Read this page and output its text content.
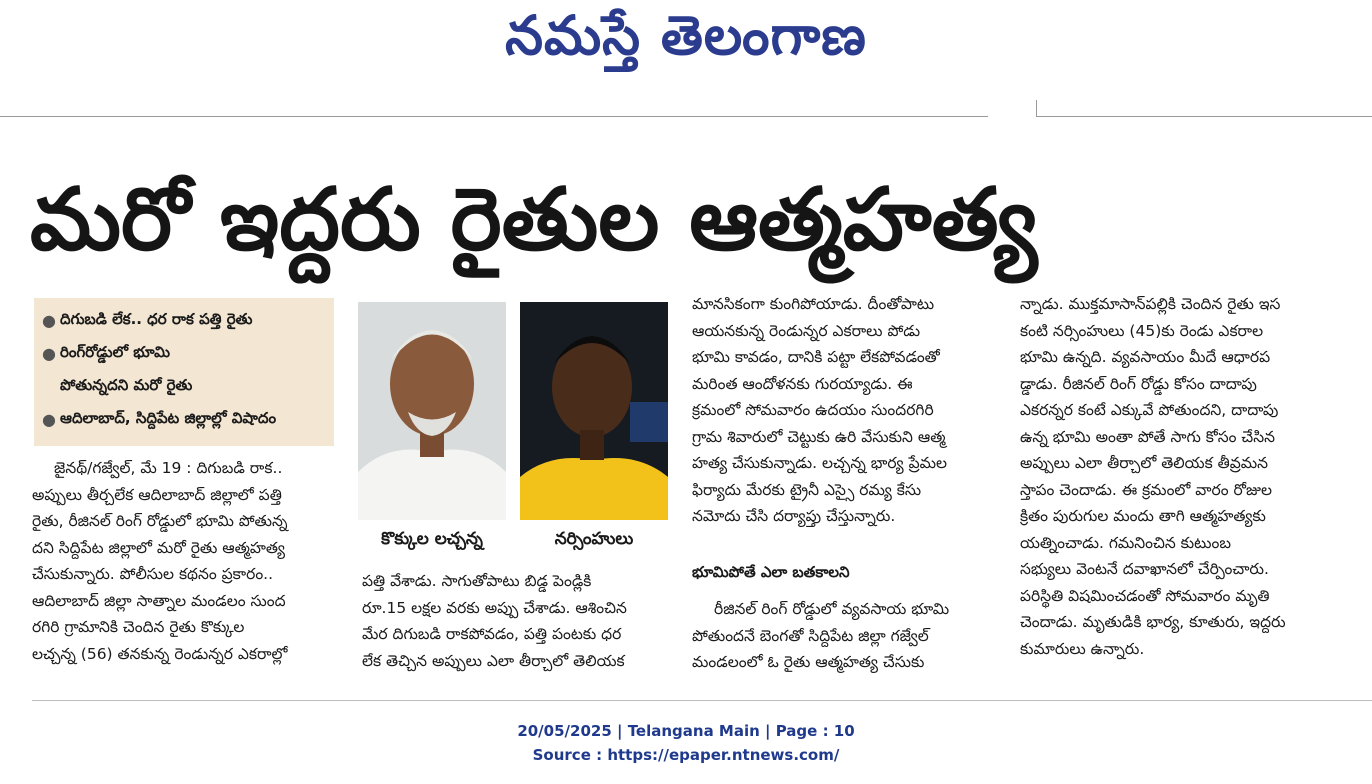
నమస్తే తెలంగాణ
మరో ఇద్దరు రైతుల ఆత్మహత్య
● దిగుబడి లేక.. ధర రాక పత్తి రైతు
● రింగ్‌రోడ్డులో భూమి
పోతున్నదని మరో రైతు
● ఆదిలాబాద్, సిద్దిపేట జిల్లాల్లో విషాదం
జైనథ్/గజ్వేల్, మే 19 : దిగుబడి రాక..
అప్పులు తీర్చలేక ఆదిలాబాద్ జిల్లాలో పత్తి
రైతు, రీజినల్ రింగ్ రోడ్డులో భూమి పోతున్న
దని సిద్దిపేట జిల్లాలో మరో రైతు ఆత్మహత్య
చేసుకున్నారు. పోలీసుల కథనం ప్రకారం..
ఆదిలాబాద్ జిల్లా సాత్నాల మండలం సుంద
రగిరి గ్రామానికి చెందిన రైతు కొక్కుల
లచ్చన్న (56) తనకున్న రెండున్నర ఎకరాల్లో
కొక్కుల లచ్చన్న	నర్సింహులు
పత్తి వేశాడు. సాగుతోపాటు బిడ్డ పెండ్లికి
రూ.15 లక్షల వరకు అప్పు చేశాడు. ఆశించిన
మేర దిగుబడి రాకపోవడం, పత్తి పంటకు ధర
లేక తెచ్చిన అప్పులు ఎలా తీర్చాలో తెలియక
మానసికంగా కుంగిపోయాడు. దీంతోపాటు
ఆయనకున్న రెండున్నర ఎకరాలు పోడు
భూమి కావడం, దానికి పట్టా లేకపోవడంతో
మరింత ఆందోళనకు గురయ్యాడు. ఈ
క్రమంలో సోమవారం ఉదయం సుందరగిరి
గ్రామ శివారులో చెట్టుకు ఉరి వేసుకుని ఆత్మ
హత్య చేసుకున్నాడు. లచ్చన్న భార్య ప్రేమల
ఫిర్యాదు మేరకు ట్రైనీ ఎస్సై రమ్య కేసు
నమోదు చేసి దర్యాప్తు చేస్తున్నారు.
భూమిపోతే ఎలా బతకాలని
రీజినల్ రింగ్ రోడ్డులో వ్యవసాయ భూమి
పోతుందనే బెంగతో సిద్దిపేట జిల్లా గజ్వేల్
మండలంలో ఓ రైతు ఆత్మహత్య చేసుకు
న్నాడు. ముక్తమాసాన్‌పల్లికి చెందిన రైతు ఇస
కంటి నర్సింహులు (45)కు రెండు ఎకరాల
భూమి ఉన్నది. వ్యవసాయం మీదే ఆధారప
డ్డాడు. రీజినల్ రింగ్ రోడ్డు కోసం దాదాపు
ఎకరన్నర కంటే ఎక్కువే పోతుందని, దాదాపు
ఉన్న భూమి అంతా పోతే సాగు కోసం చేసిన
అప్పులు ఎలా తీర్చాలో తెలియక తీవ్రమన
స్తాపం చెందాడు. ఈ క్రమంలో వారం రోజుల
క్రితం పురుగుల మందు తాగి ఆత్మహత్యకు
యత్నించాడు. గమనించిన కుటుంబ
సభ్యులు వెంటనే దవాఖానలో చేర్పించారు.
పరిస్థితి విషమించడంతో సోమవారం మృతి
చెందాడు. మృతుడికి భార్య, కూతురు, ఇద్దరు
కుమారులు ఉన్నారు.
20/05/2025 | Telangana Main | Page : 10
Source : https://epaper.ntnews.com/
